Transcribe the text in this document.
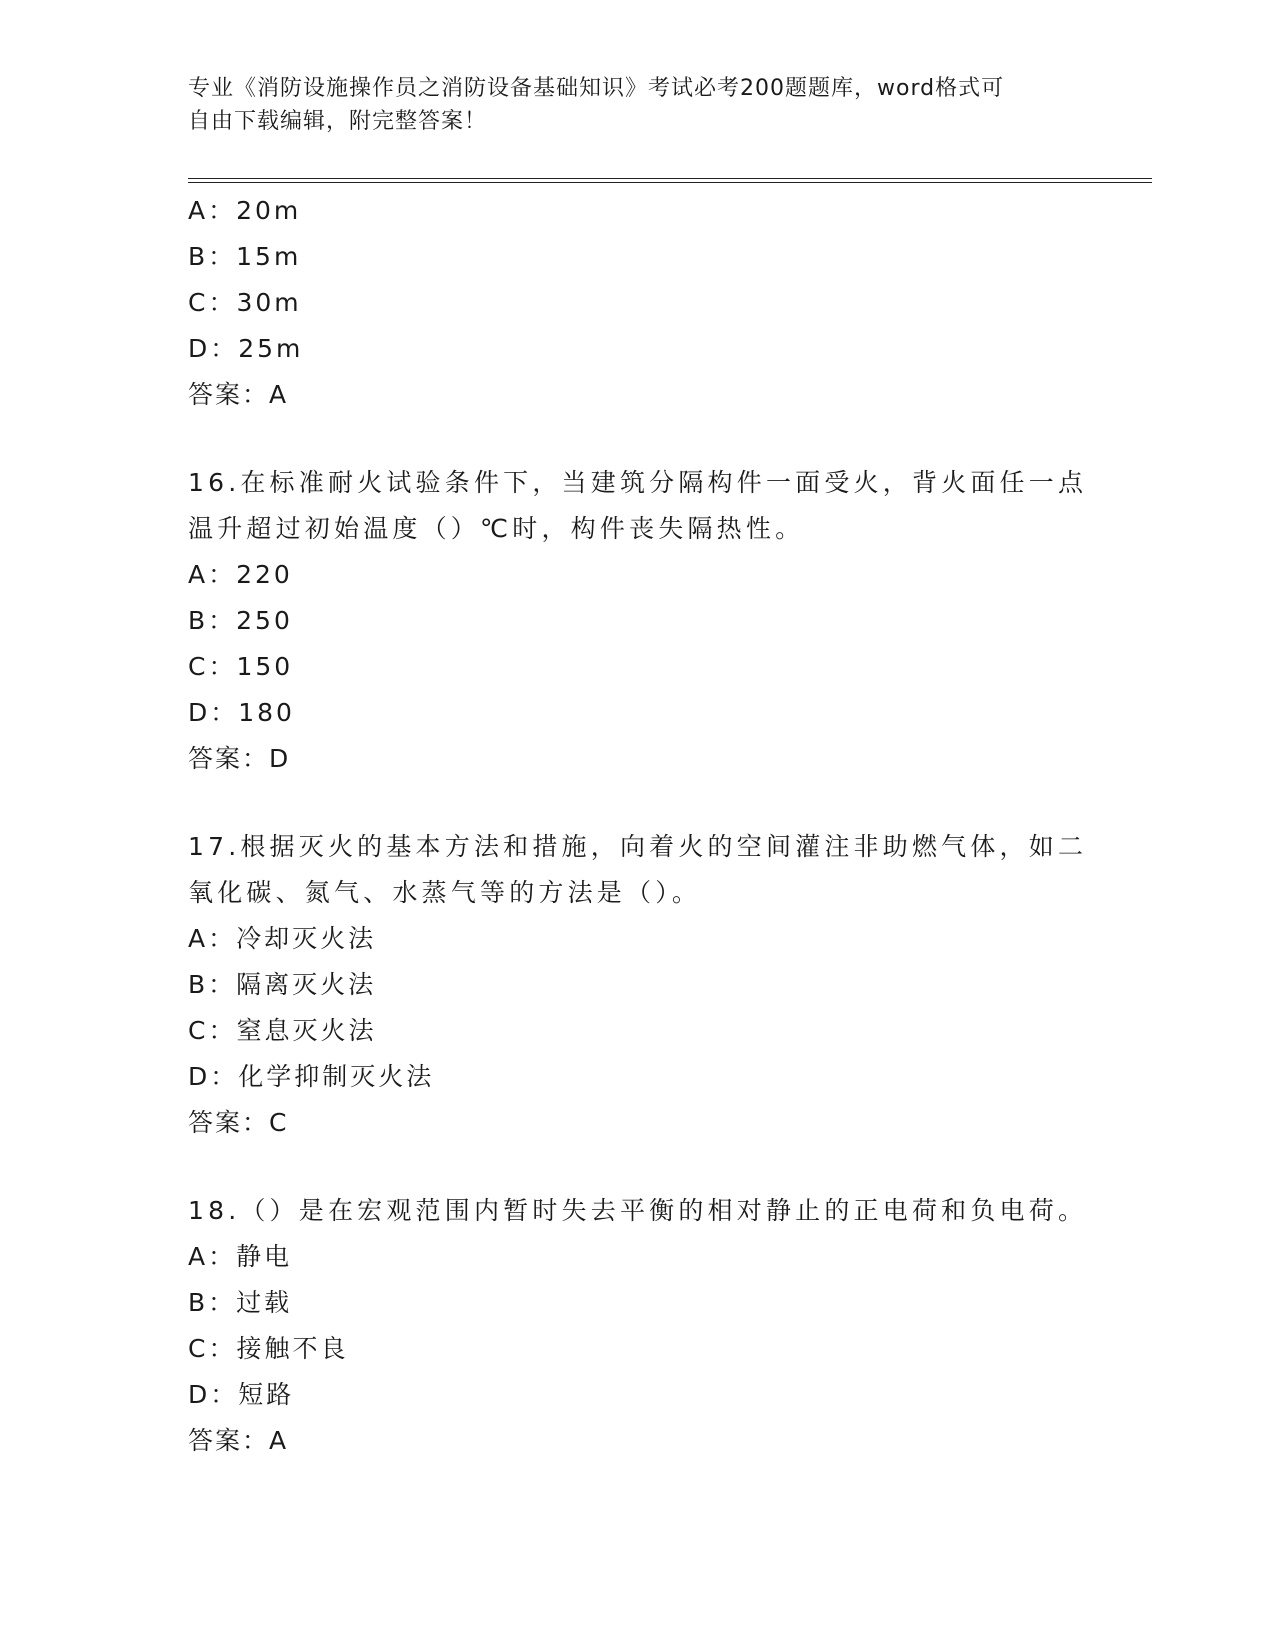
专业《消防设施操作员之消防设备基础知识》考试必考200题题库，word格式可
自由下载编辑，附完整答案！
A：20m
B：15m
C：30m
D：25m
答案：A
16.在标准耐火试验条件下，当建筑分隔构件一面受火，背火面任一点
温升超过初始温度（）℃时，构件丧失隔热性。
A：220
B：250
C：150
D：180
答案：D
17.根据灭火的基本方法和措施，向着火的空间灌注非助燃气体，如二
氧化碳、氮气、水蒸气等的方法是（）。
A：冷却灭火法
B：隔离灭火法
C：窒息灭火法
D：化学抑制灭火法
答案：C
18.（）是在宏观范围内暂时失去平衡的相对静止的正电荷和负电荷。
A：静电
B：过载
C：接触不良
D：短路
答案：A
